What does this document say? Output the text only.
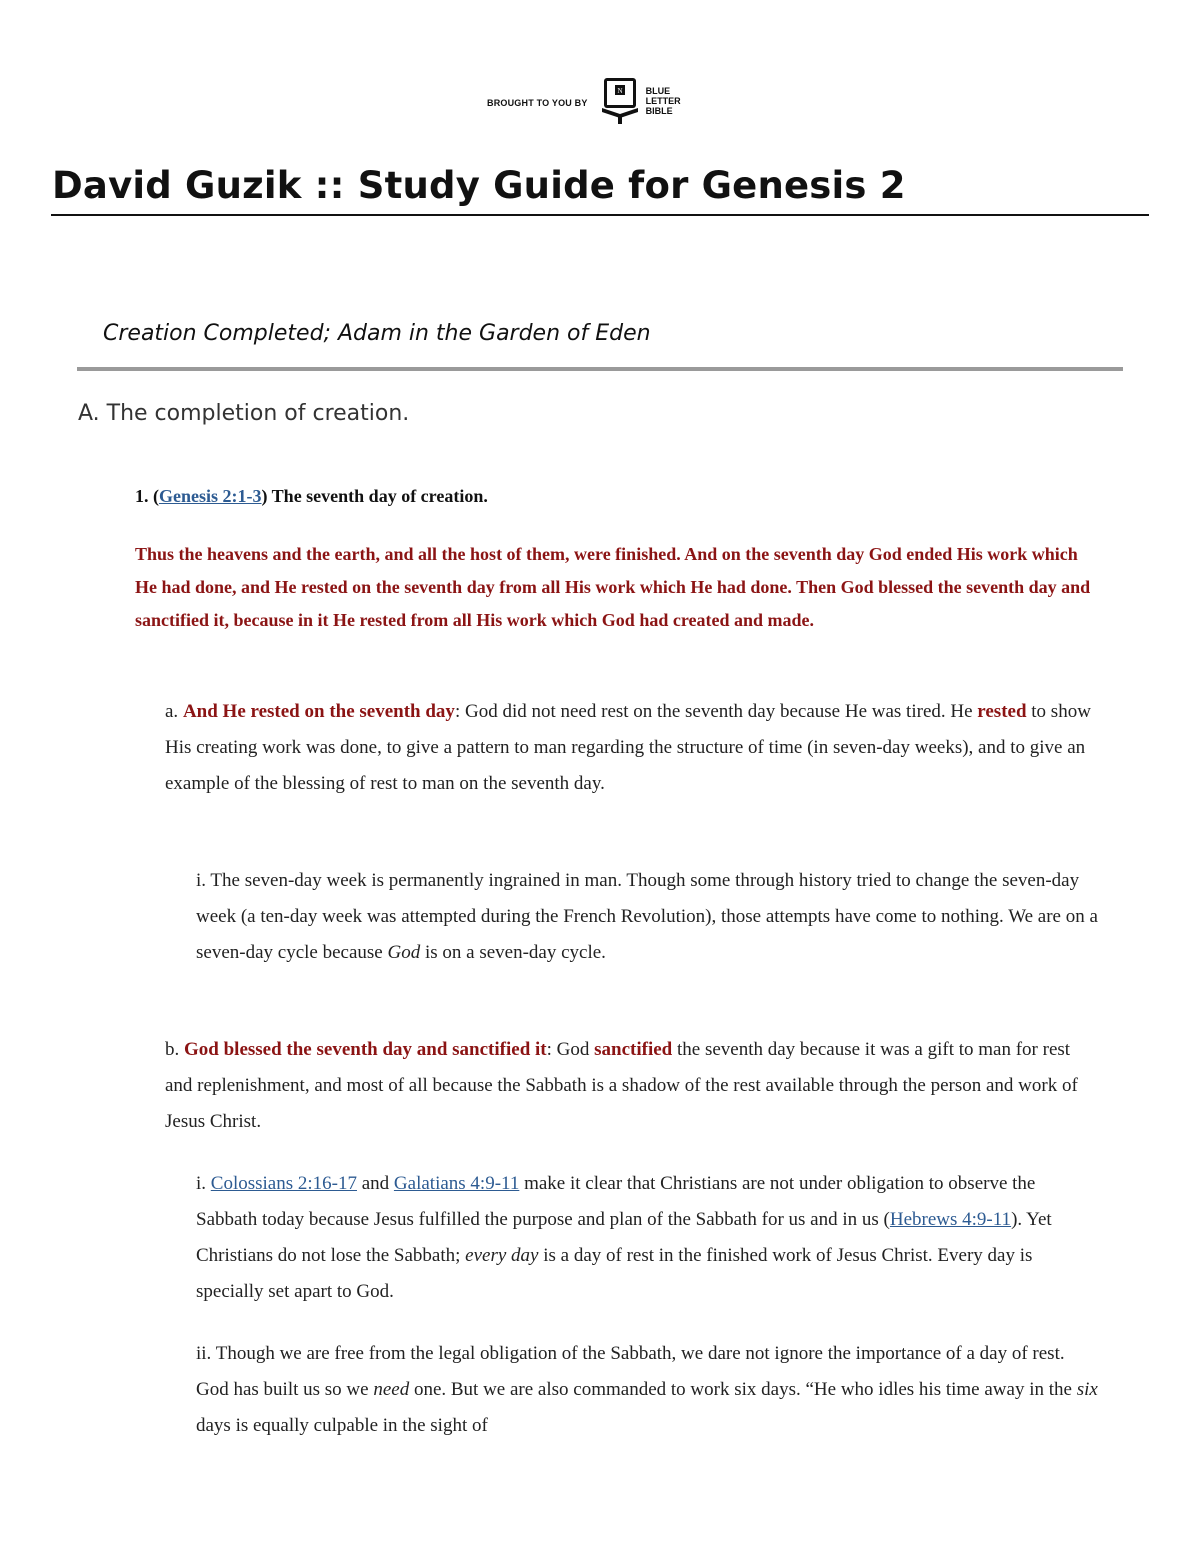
BROUGHT TO YOU BY
N	BLUE
LETTER
BIBLE
David Guzik :: Study Guide for Genesis 2

Creation Completed; Adam in the Garden of Eden

A. The completion of creation.

1. (Genesis 2:1-3) The seventh day of creation.

Thus the heavens and the earth, and all the host of them, were finished. And on the seventh day God ended His work which He had done, and He rested on the seventh day from all His work which He had done. Then God blessed the seventh day and sanctified it, because in it He rested from all His work which God had created and made.

a. And He rested on the seventh day: God did not need rest on the seventh day because He was tired. He rested to show His creating work was done, to give a pattern to man regarding the structure of time (in seven-day weeks), and to give an example of the blessing of rest to man on the seventh day.

i. The seven-day week is permanently ingrained in man. Though some through history tried to change the seven-day week (a ten-day week was attempted during the French Revolution), those attempts have come to nothing. We are on a seven-day cycle because God is on a seven-day cycle.

b. God blessed the seventh day and sanctified it: God sanctified the seventh day because it was a gift to man for rest and replenishment, and most of all because the Sabbath is a shadow of the rest available through the person and work of Jesus Christ.

i. Colossians 2:16-17 and Galatians 4:9-11 make it clear that Christians are not under obligation to observe the Sabbath today because Jesus fulfilled the purpose and plan of the Sabbath for us and in us (Hebrews 4:9-11). Yet Christians do not lose the Sabbath; every day is a day of rest in the finished work of Jesus Christ. Every day is specially set apart to God.

ii. Though we are free from the legal obligation of the Sabbath, we dare not ignore the importance of a day of rest. God has built us so we need one. But we are also commanded to work six days. “He who idles his time away in the six days is equally culpable in the sight of
